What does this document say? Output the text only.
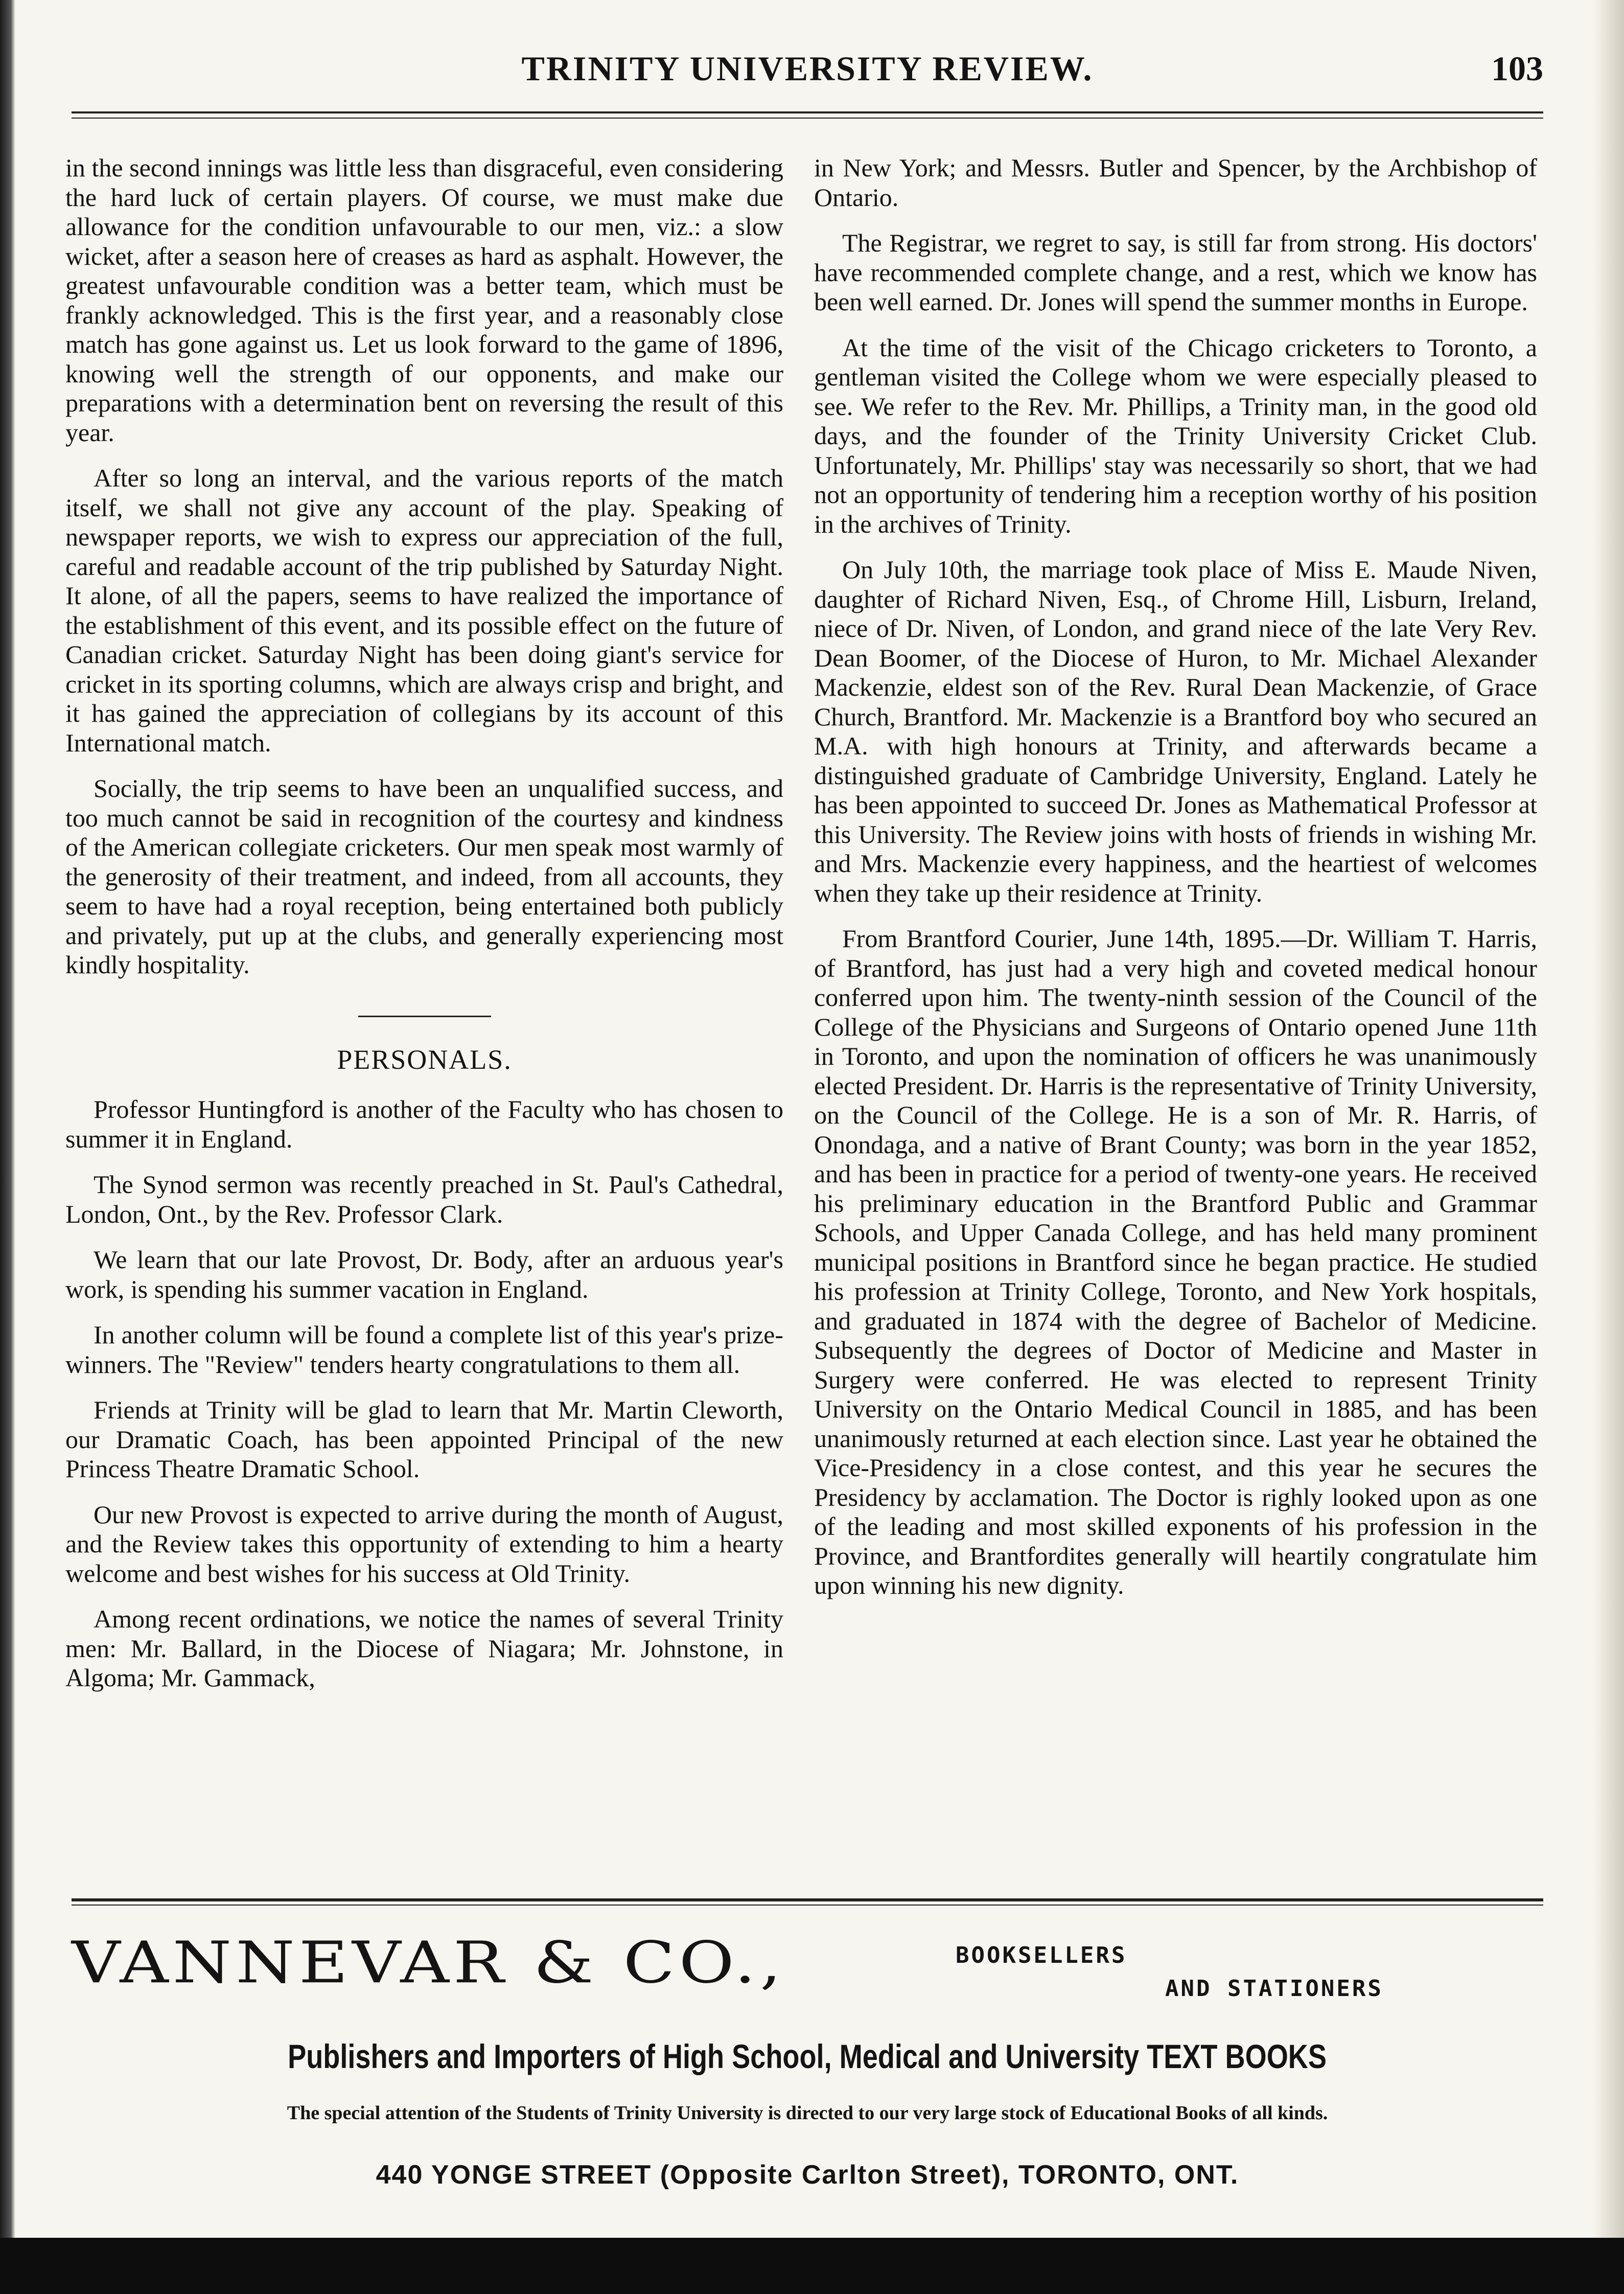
TRINITY UNIVERSITY REVIEW.	103

in the second innings was little less than disgraceful, even considering the hard luck of certain players. Of course, we must make due allowance for the condition unfavourable to our men, viz.: a slow wicket, after a season here of creases as hard as asphalt. However, the greatest unfavourable condition was a better team, which must be frankly acknowledged. This is the first year, and a reasonably close match has gone against us. Let us look forward to the game of 1896, knowing well the strength of our opponents, and make our preparations with a determination bent on reversing the result of this year.

After so long an interval, and the various reports of the match itself, we shall not give any account of the play. Speaking of newspaper reports, we wish to express our appreciation of the full, careful and readable account of the trip published by Saturday Night. It alone, of all the papers, seems to have realized the importance of the establishment of this event, and its possible effect on the future of Canadian cricket. Saturday Night has been doing giant's service for cricket in its sporting columns, which are always crisp and bright, and it has gained the appreciation of collegians by its account of this International match.

Socially, the trip seems to have been an unqualified success, and too much cannot be said in recognition of the courtesy and kindness of the American collegiate cricketers. Our men speak most warmly of the generosity of their treatment, and indeed, from all accounts, they seem to have had a royal reception, being entertained both publicly and privately, put up at the clubs, and generally experiencing most kindly hospitality.

PERSONALS.

Professor Huntingford is another of the Faculty who has chosen to summer it in England.

The Synod sermon was recently preached in St. Paul's Cathedral, London, Ont., by the Rev. Professor Clark.

We learn that our late Provost, Dr. Body, after an arduous year's work, is spending his summer vacation in England.

In another column will be found a complete list of this year's prize-winners. The "Review" tenders hearty congratulations to them all.

Friends at Trinity will be glad to learn that Mr. Martin Cleworth, our Dramatic Coach, has been appointed Principal of the new Princess Theatre Dramatic School.

Our new Provost is expected to arrive during the month of August, and the Review takes this opportunity of extending to him a hearty welcome and best wishes for his success at Old Trinity.

Among recent ordinations, we notice the names of several Trinity men: Mr. Ballard, in the Diocese of Niagara; Mr. Johnstone, in Algoma; Mr. Gammack,

in New York; and Messrs. Butler and Spencer, by the Archbishop of Ontario.

The Registrar, we regret to say, is still far from strong. His doctors' have recommended complete change, and a rest, which we know has been well earned. Dr. Jones will spend the summer months in Europe.

At the time of the visit of the Chicago cricketers to Toronto, a gentleman visited the College whom we were especially pleased to see. We refer to the Rev. Mr. Phillips, a Trinity man, in the good old days, and the founder of the Trinity University Cricket Club. Unfortunately, Mr. Phillips' stay was necessarily so short, that we had not an opportunity of tendering him a reception worthy of his position in the archives of Trinity.

On July 10th, the marriage took place of Miss E. Maude Niven, daughter of Richard Niven, Esq., of Chrome Hill, Lisburn, Ireland, niece of Dr. Niven, of London, and grand niece of the late Very Rev. Dean Boomer, of the Diocese of Huron, to Mr. Michael Alexander Mackenzie, eldest son of the Rev. Rural Dean Mackenzie, of Grace Church, Brantford. Mr. Mackenzie is a Brantford boy who secured an M.A. with high honours at Trinity, and afterwards became a distinguished graduate of Cambridge University, England. Lately he has been appointed to succeed Dr. Jones as Mathematical Professor at this University. The Review joins with hosts of friends in wishing Mr. and Mrs. Mackenzie every happiness, and the heartiest of welcomes when they take up their residence at Trinity.

From Brantford Courier, June 14th, 1895.—Dr. William T. Harris, of Brantford, has just had a very high and coveted medical honour conferred upon him. The twenty-ninth session of the Council of the College of the Physicians and Surgeons of Ontario opened June 11th in Toronto, and upon the nomination of officers he was unanimously elected President. Dr. Harris is the representative of Trinity University, on the Council of the College. He is a son of Mr. R. Harris, of Onondaga, and a native of Brant County; was born in the year 1852, and has been in practice for a period of twenty-one years. He received his preliminary education in the Brantford Public and Grammar Schools, and Upper Canada College, and has held many prominent municipal positions in Brantford since he began practice. He studied his profession at Trinity College, Toronto, and New York hospitals, and graduated in 1874 with the degree of Bachelor of Medicine. Subsequently the degrees of Doctor of Medicine and Master in Surgery were conferred. He was elected to represent Trinity University on the Ontario Medical Council in 1885, and has been unanimously returned at each election since. Last year he obtained the Vice-Presidency in a close contest, and this year he secures the Presidency by acclamation. The Doctor is righly looked upon as one of the leading and most skilled exponents of his profession in the Province, and Brantfordites generally will heartily congratulate him upon winning his new dignity.

VANNEVAR & CO.,	BOOKSELLERS
AND STATIONERS
Publishers and Importers of High School, Medical and University TEXT BOOKS
The special attention of the Students of Trinity University is directed to our very large stock of Educational Books of all kinds.
440 YONGE STREET (Opposite Carlton Street), TORONTO, ONT.
